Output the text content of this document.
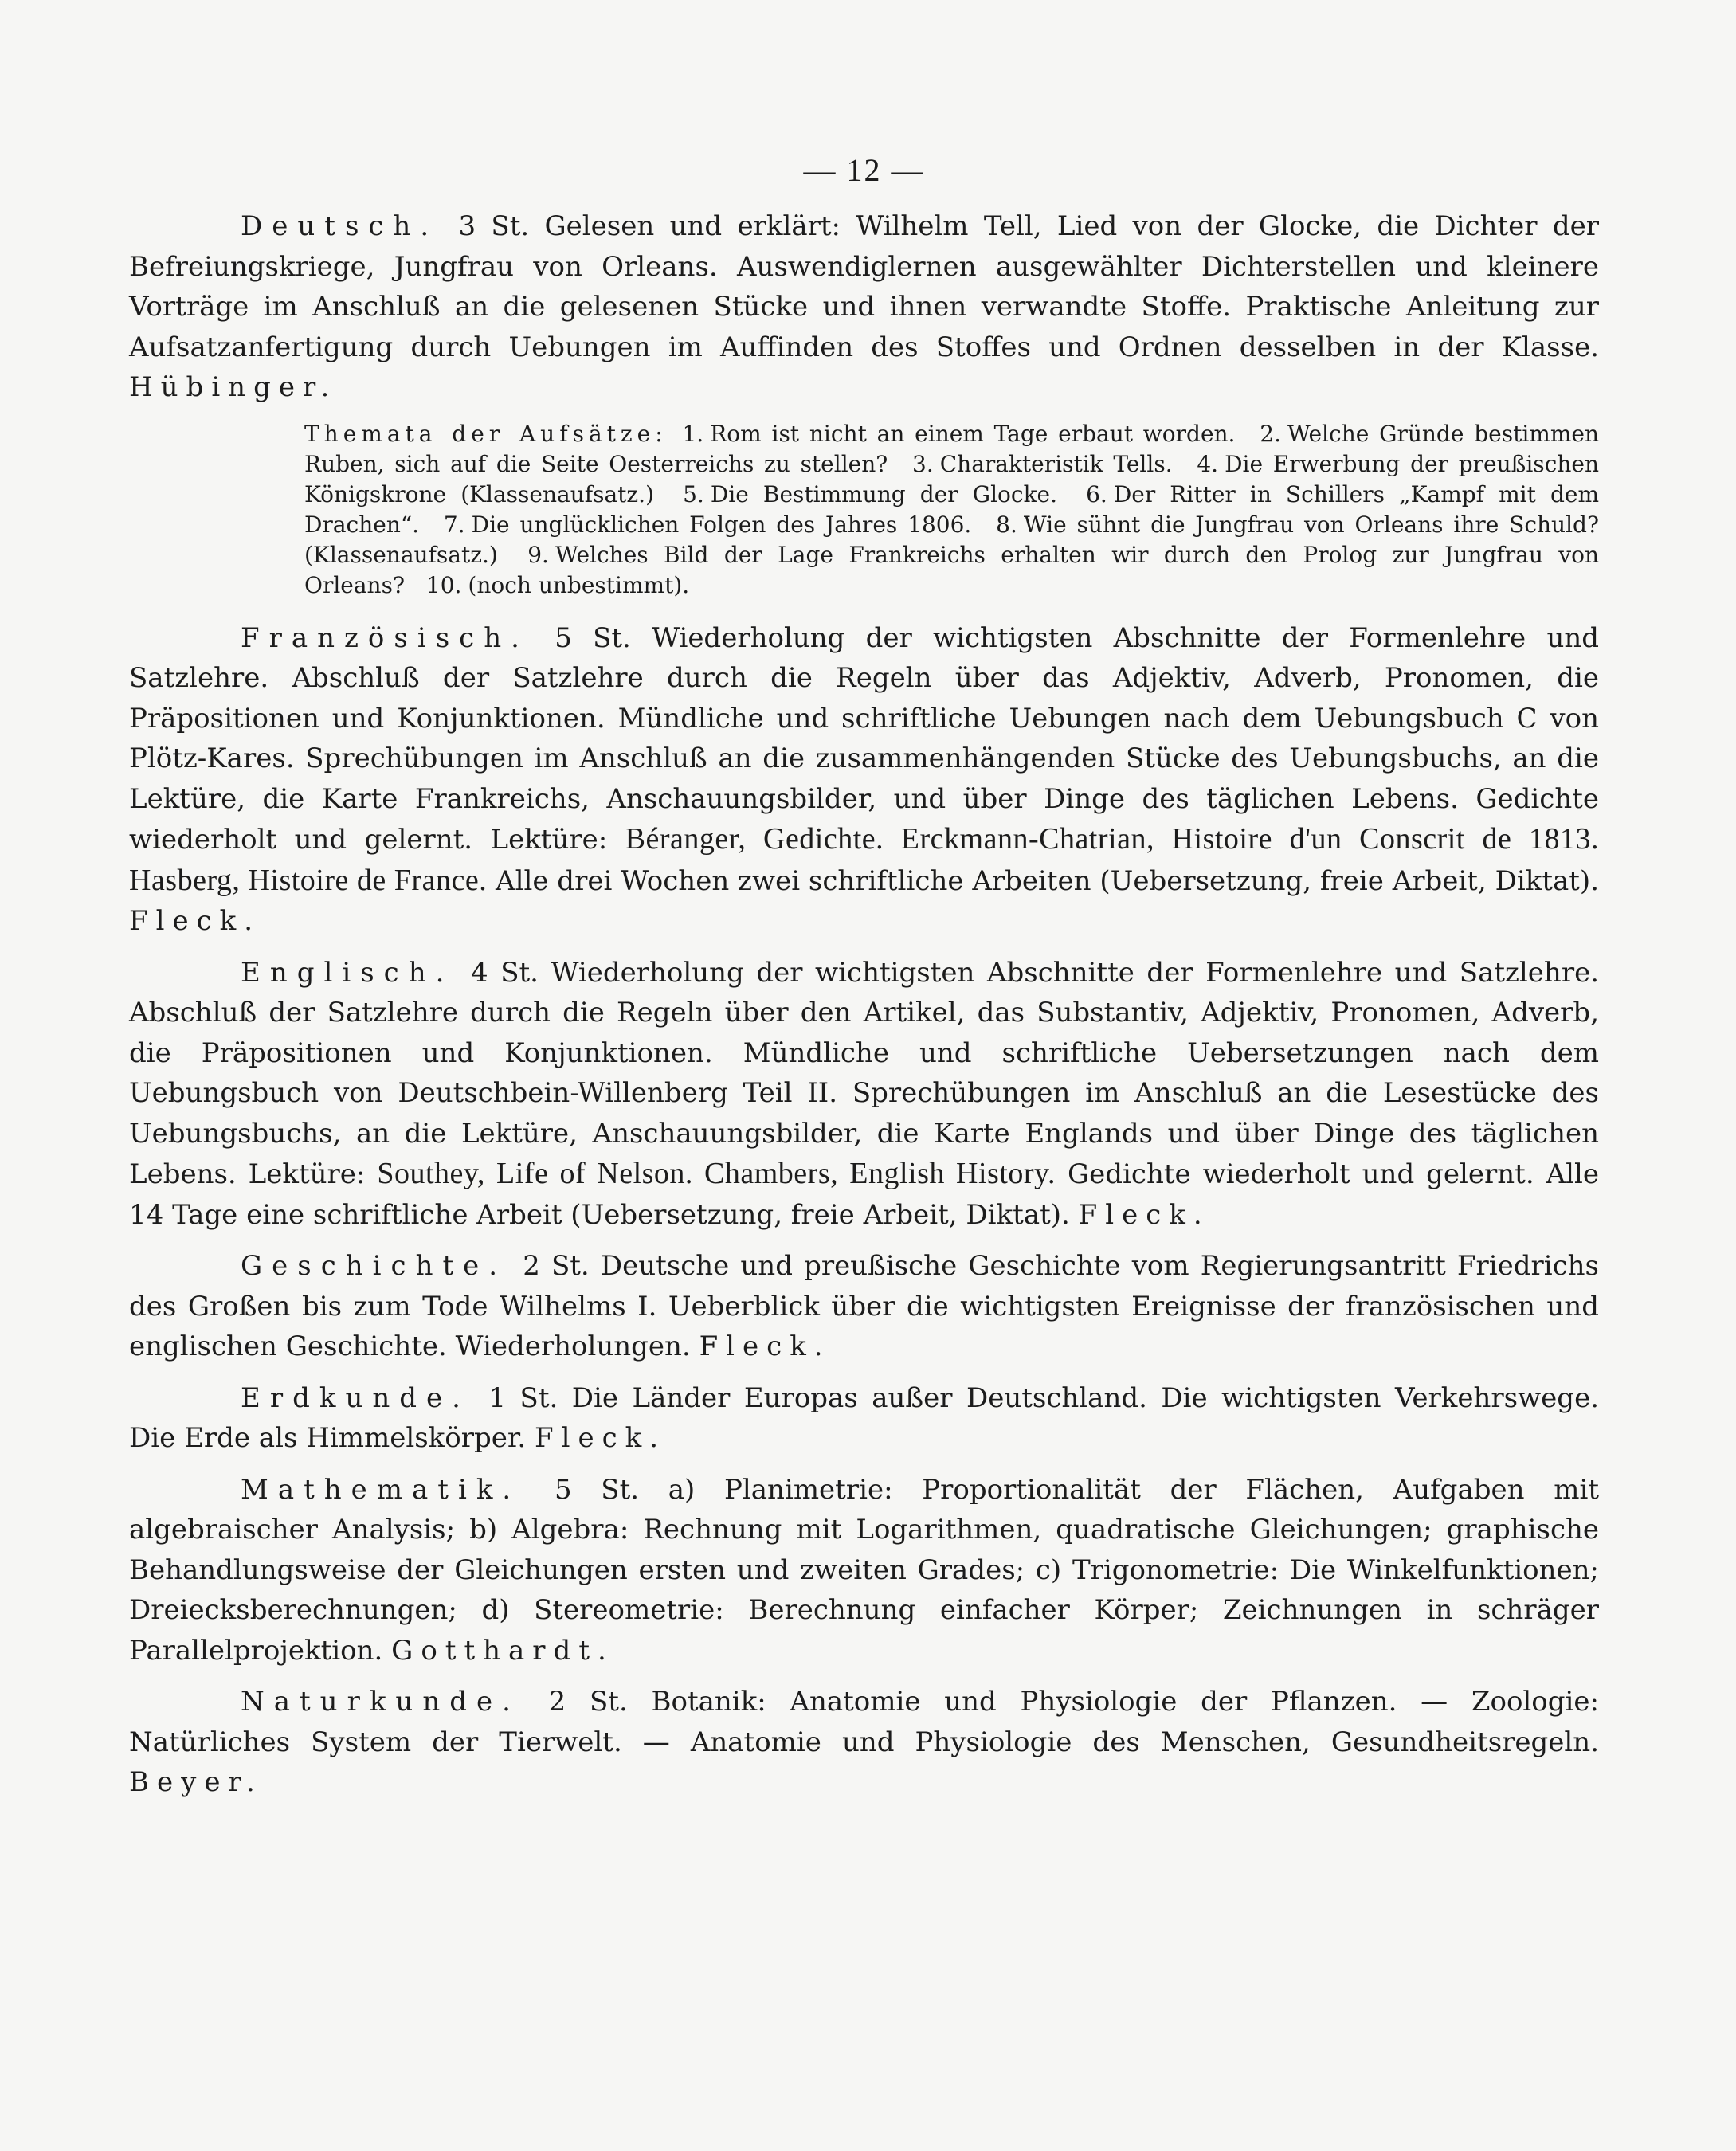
— 12 —

Deutsch. 3 St. Gelesen und erklärt: Wilhelm Tell, Lied von der Glocke, die Dichter der Befreiungskriege, Jungfrau von Orleans. Auswendiglernen ausgewählter Dichterstellen und kleinere Vorträge im Anschluß an die gelesenen Stücke und ihnen verwandte Stoffe. Praktische Anleitung zur Aufsatzanfertigung durch Uebungen im Auffinden des Stoffes und Ordnen desselben in der Klasse. Hübinger.

Themata der Aufsätze: 1. Rom ist nicht an einem Tage erbaut worden. 2. Welche Gründe bestimmen Ruben, sich auf die Seite Oesterreichs zu stellen? 3. Charakteristik Tells. 4. Die Erwerbung der preußischen Königskrone (Klassenaufsatz.) 5. Die Bestimmung der Glocke. 6. Der Ritter in Schillers „Kampf mit dem Drachen“. 7. Die unglücklichen Folgen des Jahres 1806. 8. Wie sühnt die Jungfrau von Orleans ihre Schuld? (Klassenaufsatz.) 9. Welches Bild der Lage Frankreichs erhalten wir durch den Prolog zur Jungfrau von Orleans? 10. (noch unbestimmt).

Französisch. 5 St. Wiederholung der wichtigsten Abschnitte der Formenlehre und Satzlehre. Abschluß der Satzlehre durch die Regeln über das Adjektiv, Adverb, Pronomen, die Präpositionen und Konjunktionen. Mündliche und schriftliche Uebungen nach dem Uebungsbuch C von Plötz-Kares. Sprechübungen im Anschluß an die zusammenhängenden Stücke des Uebungsbuchs, an die Lektüre, die Karte Frankreichs, Anschauungsbilder, und über Dinge des täglichen Lebens. Gedichte wiederholt und gelernt. Lektüre: Béranger, Gedichte. Erckmann-Chatrian, Histoire d'un Conscrit de 1813. Hasberg, Histoire de France. Alle drei Wochen zwei schriftliche Arbeiten (Uebersetzung, freie Arbeit, Diktat). Fleck.

Englisch. 4 St. Wiederholung der wichtigsten Abschnitte der Formenlehre und Satzlehre. Abschluß der Satzlehre durch die Regeln über den Artikel, das Substantiv, Adjektiv, Pronomen, Adverb, die Präpositionen und Konjunktionen. Mündliche und schriftliche Uebersetzungen nach dem Uebungsbuch von Deutschbein-Willenberg Teil II. Sprechübungen im Anschluß an die Lesestücke des Uebungsbuchs, an die Lektüre, Anschauungsbilder, die Karte Englands und über Dinge des täglichen Lebens. Lektüre: Southey, Life of Nelson. Chambers, English History. Gedichte wiederholt und gelernt. Alle 14 Tage eine schriftliche Arbeit (Uebersetzung, freie Arbeit, Diktat). Fleck.

Geschichte. 2 St. Deutsche und preußische Geschichte vom Regierungsantritt Friedrichs des Großen bis zum Tode Wilhelms I. Ueberblick über die wichtigsten Ereignisse der französischen und englischen Geschichte. Wiederholungen. Fleck.

Erdkunde. 1 St. Die Länder Europas außer Deutschland. Die wichtigsten Verkehrswege. Die Erde als Himmelskörper. Fleck.

Mathematik. 5 St. a) Planimetrie: Proportionalität der Flächen, Aufgaben mit algebraischer Analysis; b) Algebra: Rechnung mit Logarithmen, quadratische Gleichungen; graphische Behandlungsweise der Gleichungen ersten und zweiten Grades; c) Trigonometrie: Die Winkelfunktionen; Dreiecksberechnungen; d) Stereometrie: Berechnung einfacher Körper; Zeichnungen in schräger Parallelprojektion. Gotthardt.

Naturkunde. 2 St. Botanik: Anatomie und Physiologie der Pflanzen. — Zoologie: Natürliches System der Tierwelt. — Anatomie und Physiologie des Menschen, Gesundheitsregeln. Beyer.
